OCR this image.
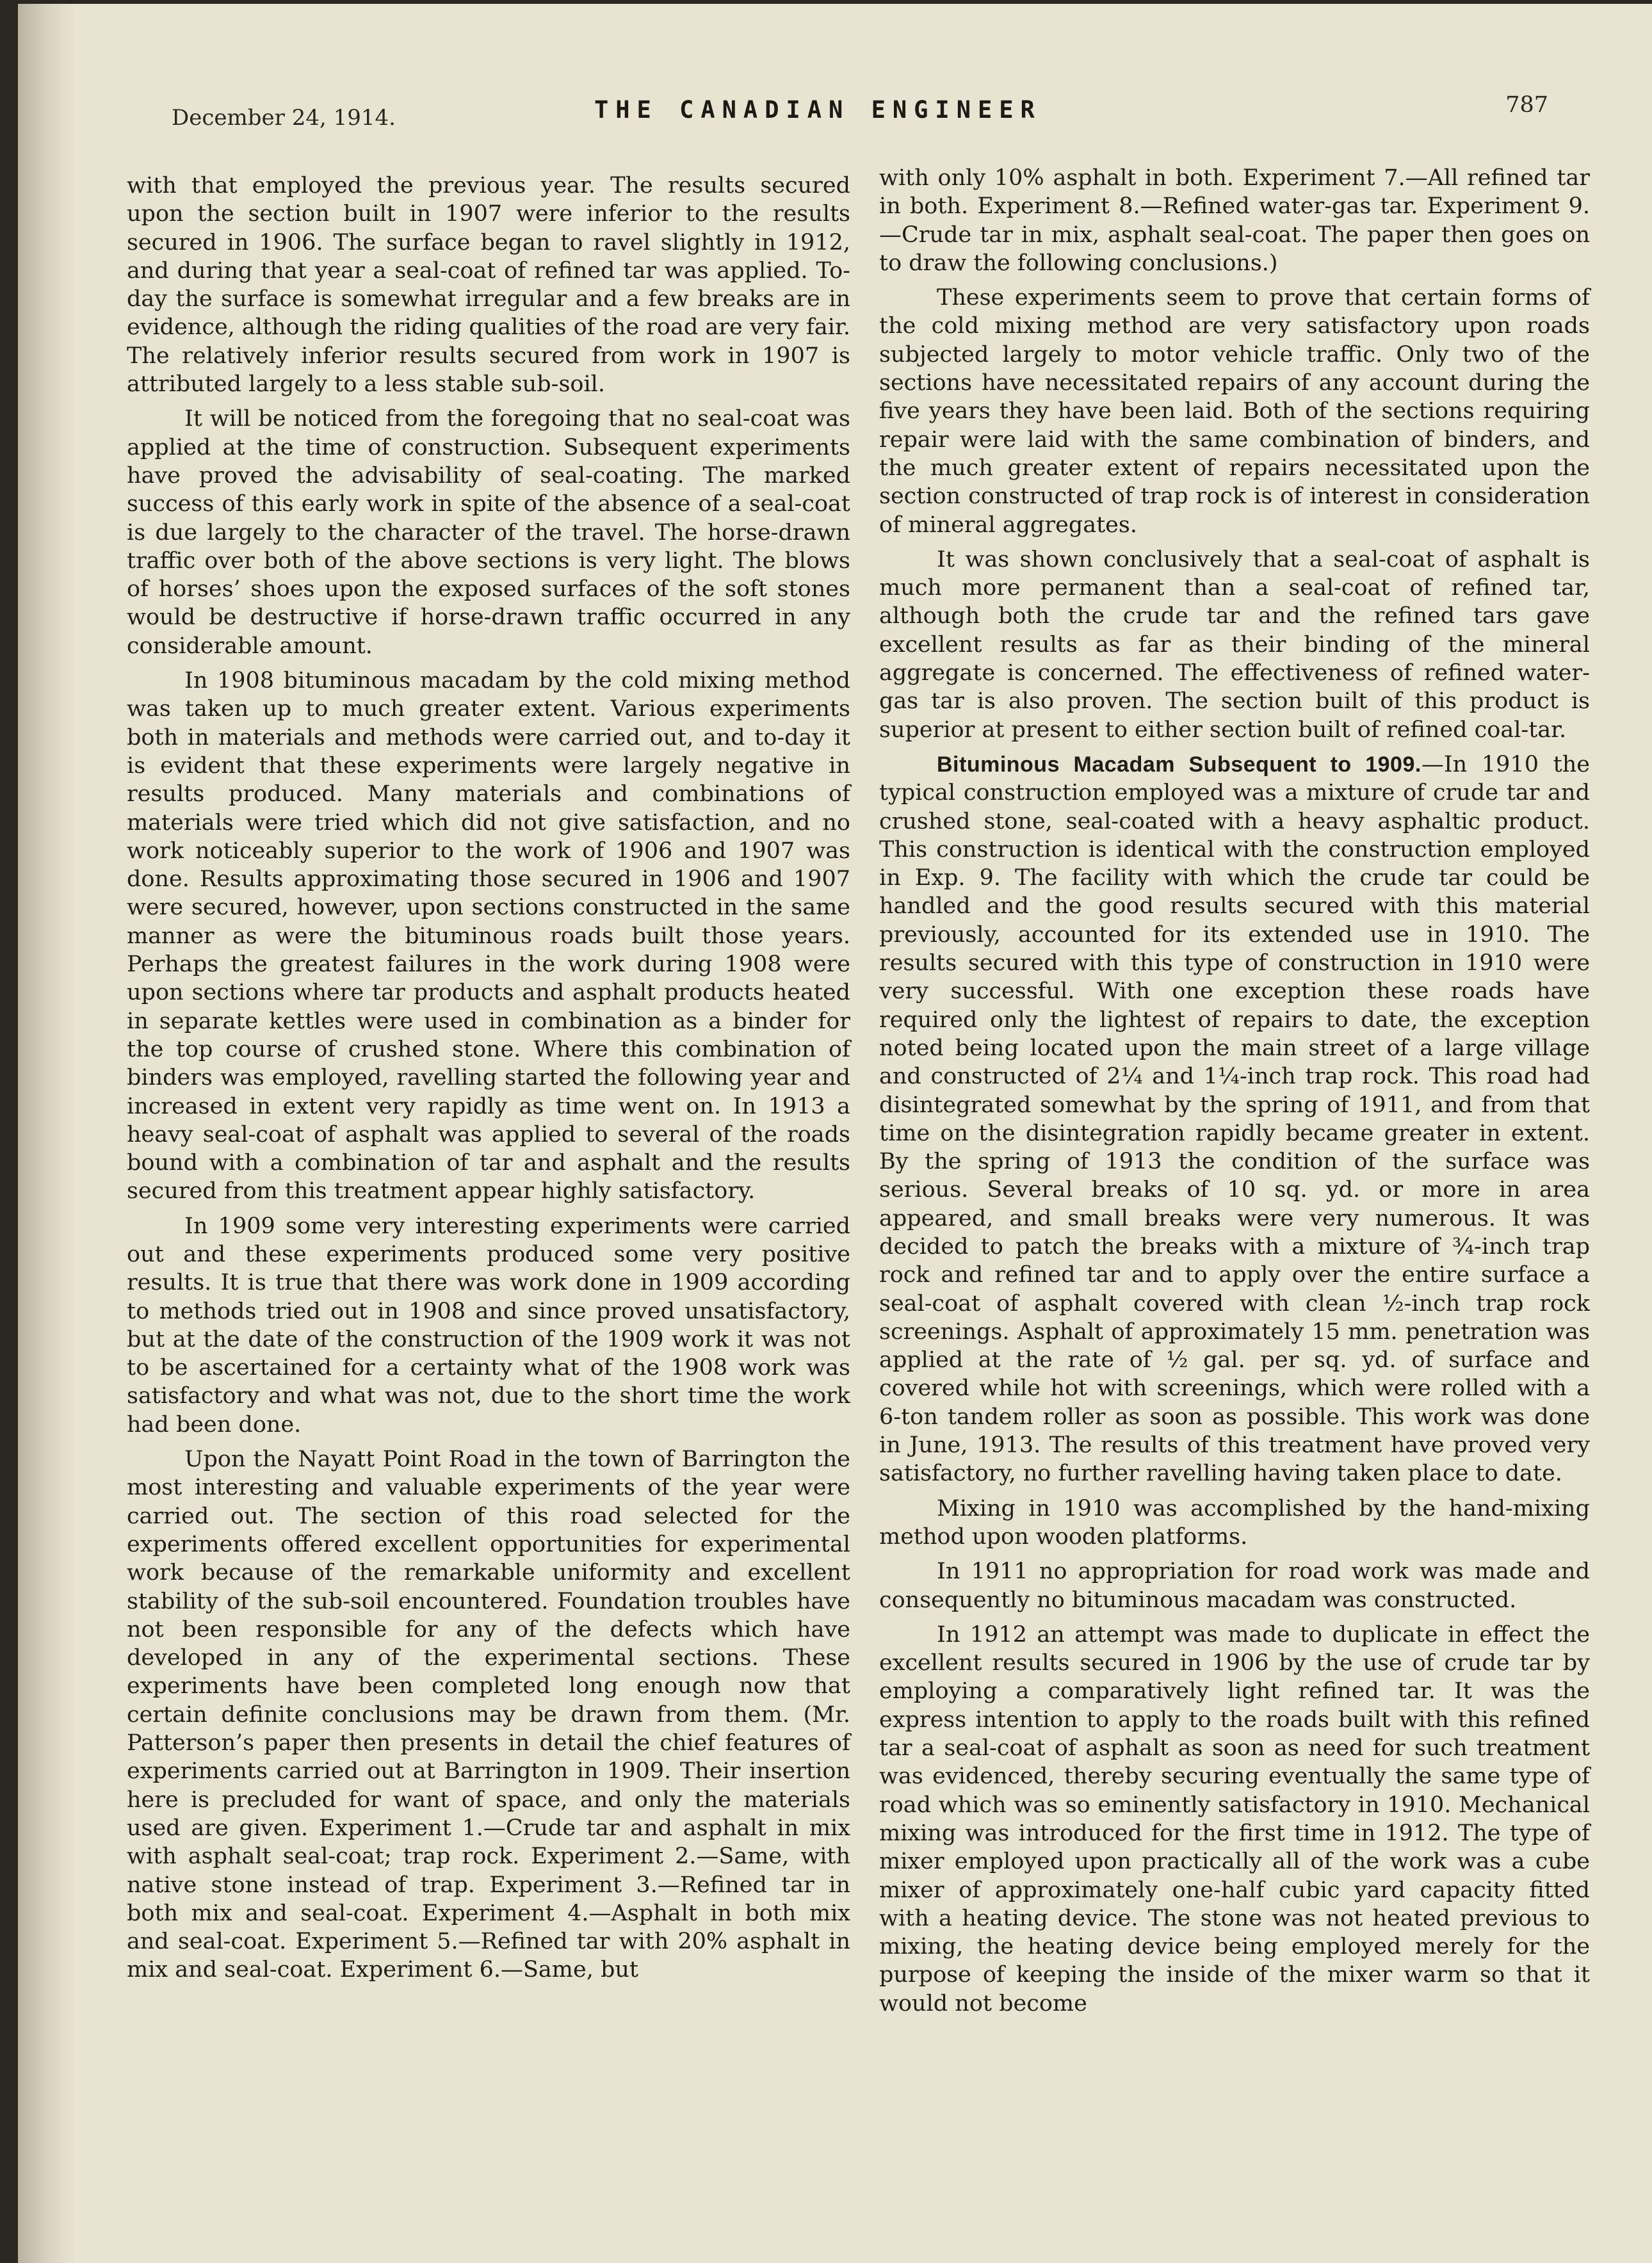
December 24, 1914.	THE CANADIAN ENGINEER	787

with that employed the previous year. The results secured upon the section built in 1907 were inferior to the results secured in 1906. The surface began to ravel slightly in 1912, and during that year a seal-coat of refined tar was applied. To-day the surface is somewhat irregular and a few breaks are in evidence, although the riding qualities of the road are very fair. The relatively inferior results secured from work in 1907 is attributed largely to a less stable sub-soil.

It will be noticed from the foregoing that no seal-coat was applied at the time of construction. Subsequent experiments have proved the advisability of seal-coating. The marked success of this early work in spite of the absence of a seal-coat is due largely to the character of the travel. The horse-drawn traffic over both of the above sections is very light. The blows of horses’ shoes upon the exposed surfaces of the soft stones would be destructive if horse-drawn traffic occurred in any considerable amount.

In 1908 bituminous macadam by the cold mixing method was taken up to much greater extent. Various experiments both in materials and methods were carried out, and to-day it is evident that these experiments were largely negative in results produced. Many materials and combinations of materials were tried which did not give satisfaction, and no work noticeably superior to the work of 1906 and 1907 was done. Results approximating those secured in 1906 and 1907 were secured, however, upon sections constructed in the same manner as were the bituminous roads built those years. Perhaps the greatest failures in the work during 1908 were upon sections where tar products and asphalt products heated in separate kettles were used in combination as a binder for the top course of crushed stone. Where this combination of binders was employed, ravelling started the following year and increased in extent very rapidly as time went on. In 1913 a heavy seal-coat of asphalt was applied to several of the roads bound with a combination of tar and asphalt and the results secured from this treatment appear highly satisfactory.

In 1909 some very interesting experiments were carried out and these experiments produced some very positive results. It is true that there was work done in 1909 according to methods tried out in 1908 and since proved unsatisfactory, but at the date of the construction of the 1909 work it was not to be ascertained for a certainty what of the 1908 work was satisfactory and what was not, due to the short time the work had been done.

Upon the Nayatt Point Road in the town of Barrington the most interesting and valuable experiments of the year were carried out. The section of this road selected for the experiments offered excellent opportunities for experimental work because of the remarkable uniformity and excellent stability of the sub-soil encountered. Foundation troubles have not been responsible for any of the defects which have developed in any of the experimental sections. These experiments have been completed long enough now that certain definite conclusions may be drawn from them. (Mr. Patterson’s paper then presents in detail the chief features of experiments carried out at Barrington in 1909. Their insertion here is precluded for want of space, and only the materials used are given. Experiment 1.—Crude tar and asphalt in mix with asphalt seal-coat; trap rock. Experiment 2.—Same, with native stone instead of trap. Experiment 3.—Refined tar in both mix and seal-coat. Experiment 4.—Asphalt in both mix and seal-coat. Experiment 5.—Refined tar with 20% asphalt in mix and seal-coat. Experiment 6.—Same, but

with only 10% asphalt in both. Experiment 7.—All refined tar in both. Experiment 8.—Refined water-gas tar. Experiment 9.—Crude tar in mix, asphalt seal-coat. The paper then goes on to draw the following conclusions.)

These experiments seem to prove that certain forms of the cold mixing method are very satisfactory upon roads subjected largely to motor vehicle traffic. Only two of the sections have necessitated repairs of any account during the five years they have been laid. Both of the sections requiring repair were laid with the same combination of binders, and the much greater extent of repairs necessitated upon the section constructed of trap rock is of interest in consideration of mineral aggregates.

It was shown conclusively that a seal-coat of asphalt is much more permanent than a seal-coat of refined tar, although both the crude tar and the refined tars gave excellent results as far as their binding of the mineral aggregate is concerned. The effectiveness of refined water-gas tar is also proven. The section built of this product is superior at present to either section built of refined coal-tar.

Bituminous Macadam Subsequent to 1909.—In 1910 the typical construction employed was a mixture of crude tar and crushed stone, seal-coated with a heavy asphaltic product. This construction is identical with the construction employed in Exp. 9. The facility with which the crude tar could be handled and the good results secured with this material previously, accounted for its extended use in 1910. The results secured with this type of construction in 1910 were very successful. With one exception these roads have required only the lightest of repairs to date, the exception noted being located upon the main street of a large village and constructed of 2¼ and 1¼-inch trap rock. This road had disintegrated somewhat by the spring of 1911, and from that time on the disintegration rapidly became greater in extent. By the spring of 1913 the condition of the surface was serious. Several breaks of 10 sq. yd. or more in area appeared, and small breaks were very numerous. It was decided to patch the breaks with a mixture of ¾-inch trap rock and refined tar and to apply over the entire surface a seal-coat of asphalt covered with clean ½-inch trap rock screenings. Asphalt of approximately 15 mm. penetration was applied at the rate of ½ gal. per sq. yd. of surface and covered while hot with screenings, which were rolled with a 6-ton tandem roller as soon as possible. This work was done in June, 1913. The results of this treatment have proved very satisfactory, no further ravelling having taken place to date.

Mixing in 1910 was accomplished by the hand-mixing method upon wooden platforms.

In 1911 no appropriation for road work was made and consequently no bituminous macadam was constructed.

In 1912 an attempt was made to duplicate in effect the excellent results secured in 1906 by the use of crude tar by employing a comparatively light refined tar. It was the express intention to apply to the roads built with this refined tar a seal-coat of asphalt as soon as need for such treatment was evidenced, thereby securing eventually the same type of road which was so eminently satisfactory in 1910. Mechanical mixing was introduced for the first time in 1912. The type of mixer employed upon practically all of the work was a cube mixer of approximately one-half cubic yard capacity fitted with a heating device. The stone was not heated previous to mixing, the heating device being employed merely for the purpose of keeping the inside of the mixer warm so that it would not become
